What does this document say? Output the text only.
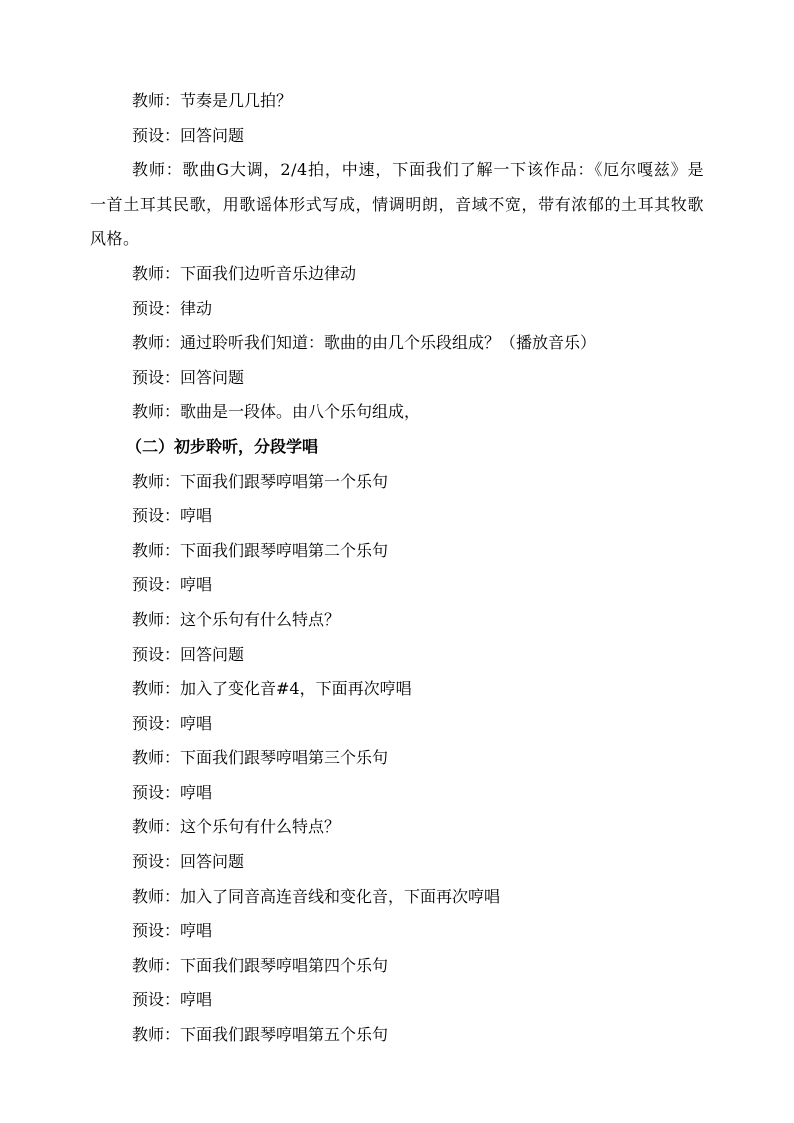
教师：节奏是几几拍？

预设：回答问题

教师：歌曲G大调，2/4拍，中速，下面我们了解一下该作品：《厄尔嘎兹》是一首土耳其民歌，用歌谣体形式写成，情调明朗，音域不宽，带有浓郁的土耳其牧歌风格。

教师：下面我们边听音乐边律动

预设：律动

教师：通过聆听我们知道：歌曲的由几个乐段组成？（播放音乐）

预设：回答问题

教师：歌曲是一段体。由八个乐句组成，

（二）初步聆听，分段学唱

教师：下面我们跟琴哼唱第一个乐句

预设：哼唱

教师：下面我们跟琴哼唱第二个乐句

预设：哼唱

教师：这个乐句有什么特点？

预设：回答问题

教师：加入了变化音#4，下面再次哼唱

预设：哼唱

教师：下面我们跟琴哼唱第三个乐句

预设：哼唱

教师：这个乐句有什么特点？

预设：回答问题

教师：加入了同音高连音线和变化音，下面再次哼唱

预设：哼唱

教师：下面我们跟琴哼唱第四个乐句

预设：哼唱

教师：下面我们跟琴哼唱第五个乐句
